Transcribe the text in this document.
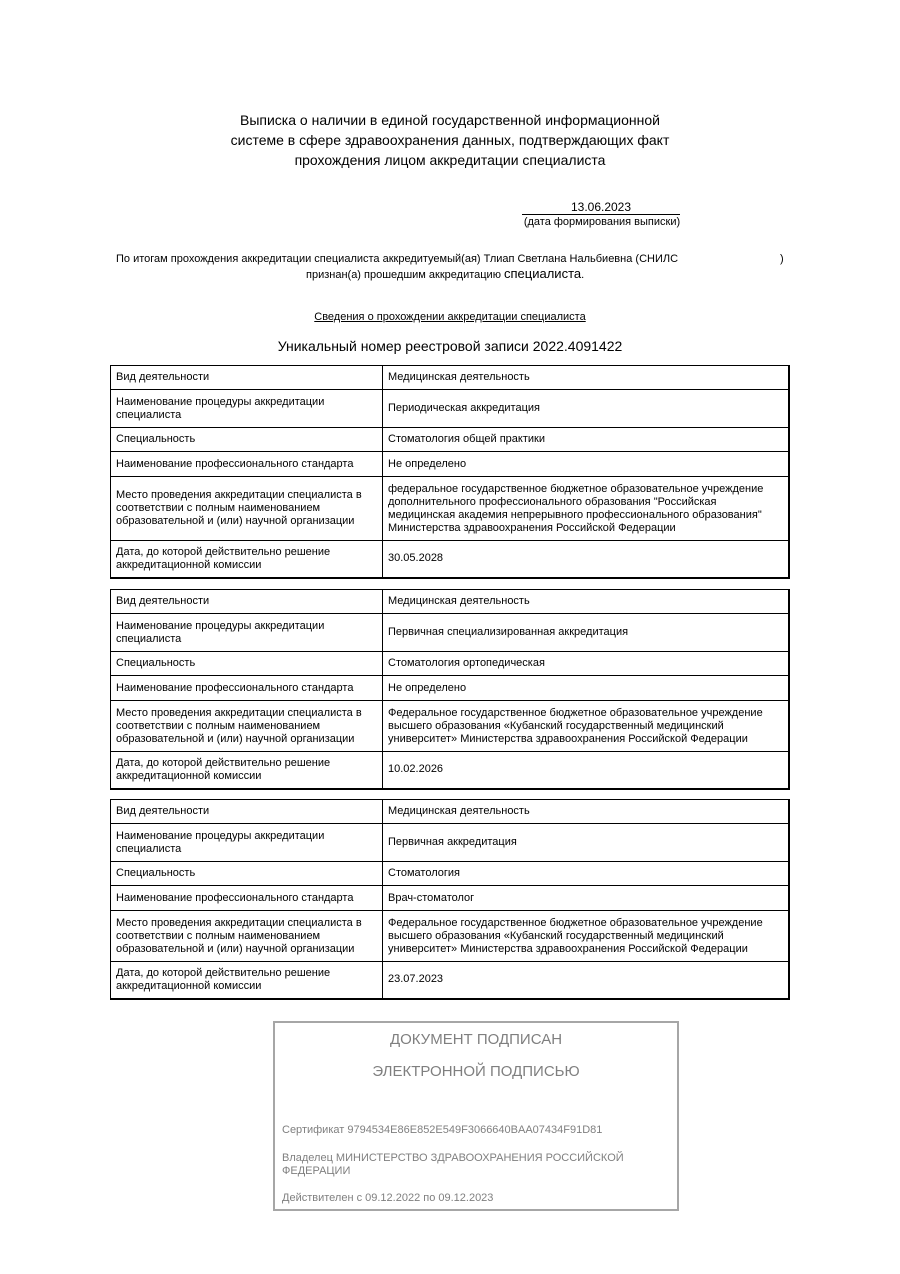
Выписка о наличии в единой государственной информационной
системе в сфере здравоохранения данных, подтверждающих факт
прохождения лицом аккредитации специалиста
13.06.2023
(дата формирования выписки)
По итогам прохождения аккредитации специалиста аккредитуемый(ая) Тлиап Светлана Нальбиевна (СНИЛС	)
признан(а) прошедшим аккредитацию специалиста.
Сведения о прохождении аккредитации специалиста
Уникальный номер реестровой записи 2022.4091422
Вид деятельности	Медицинская деятельность
Наименование процедуры аккредитации специалиста	Периодическая аккредитация
Специальность	Стоматология общей практики
Наименование профессионального стандарта	Не определено
Место проведения аккредитации специалиста в соответствии с полным наименованием образовательной и (или) научной организации	федеральное государственное бюджетное образовательное учреждение дополнительного профессионального образования "Российская медицинская академия непрерывного профессионального образования" Министерства здравоохранения Российской Федерации
Дата, до которой действительно решение аккредитационной комиссии	30.05.2028
Вид деятельности	Медицинская деятельность
Наименование процедуры аккредитации специалиста	Первичная специализированная аккредитация
Специальность	Стоматология ортопедическая
Наименование профессионального стандарта	Не определено
Место проведения аккредитации специалиста в соответствии с полным наименованием образовательной и (или) научной организации	Федеральное государственное бюджетное образовательное учреждение высшего образования «Кубанский государственный медицинский университет» Министерства здравоохранения Российской Федерации
Дата, до которой действительно решение аккредитационной комиссии	10.02.2026
Вид деятельности	Медицинская деятельность
Наименование процедуры аккредитации специалиста	Первичная аккредитация
Специальность	Стоматология
Наименование профессионального стандарта	Врач-стоматолог
Место проведения аккредитации специалиста в соответствии с полным наименованием образовательной и (или) научной организации	Федеральное государственное бюджетное образовательное учреждение высшего образования «Кубанский государственный медицинский университет» Министерства здравоохранения Российской Федерации
Дата, до которой действительно решение аккредитационной комиссии	23.07.2023
ДОКУМЕНТ ПОДПИСАН
ЭЛЕКТРОННОЙ ПОДПИСЬЮ
Сертификат 9794534E86E852E549F3066640BAA07434F91D81
Владелец МИНИСТЕРСТВО ЗДРАВООХРАНЕНИЯ РОССИЙСКОЙ ФЕДЕРАЦИИ
Действителен с 09.12.2022 по 09.12.2023
